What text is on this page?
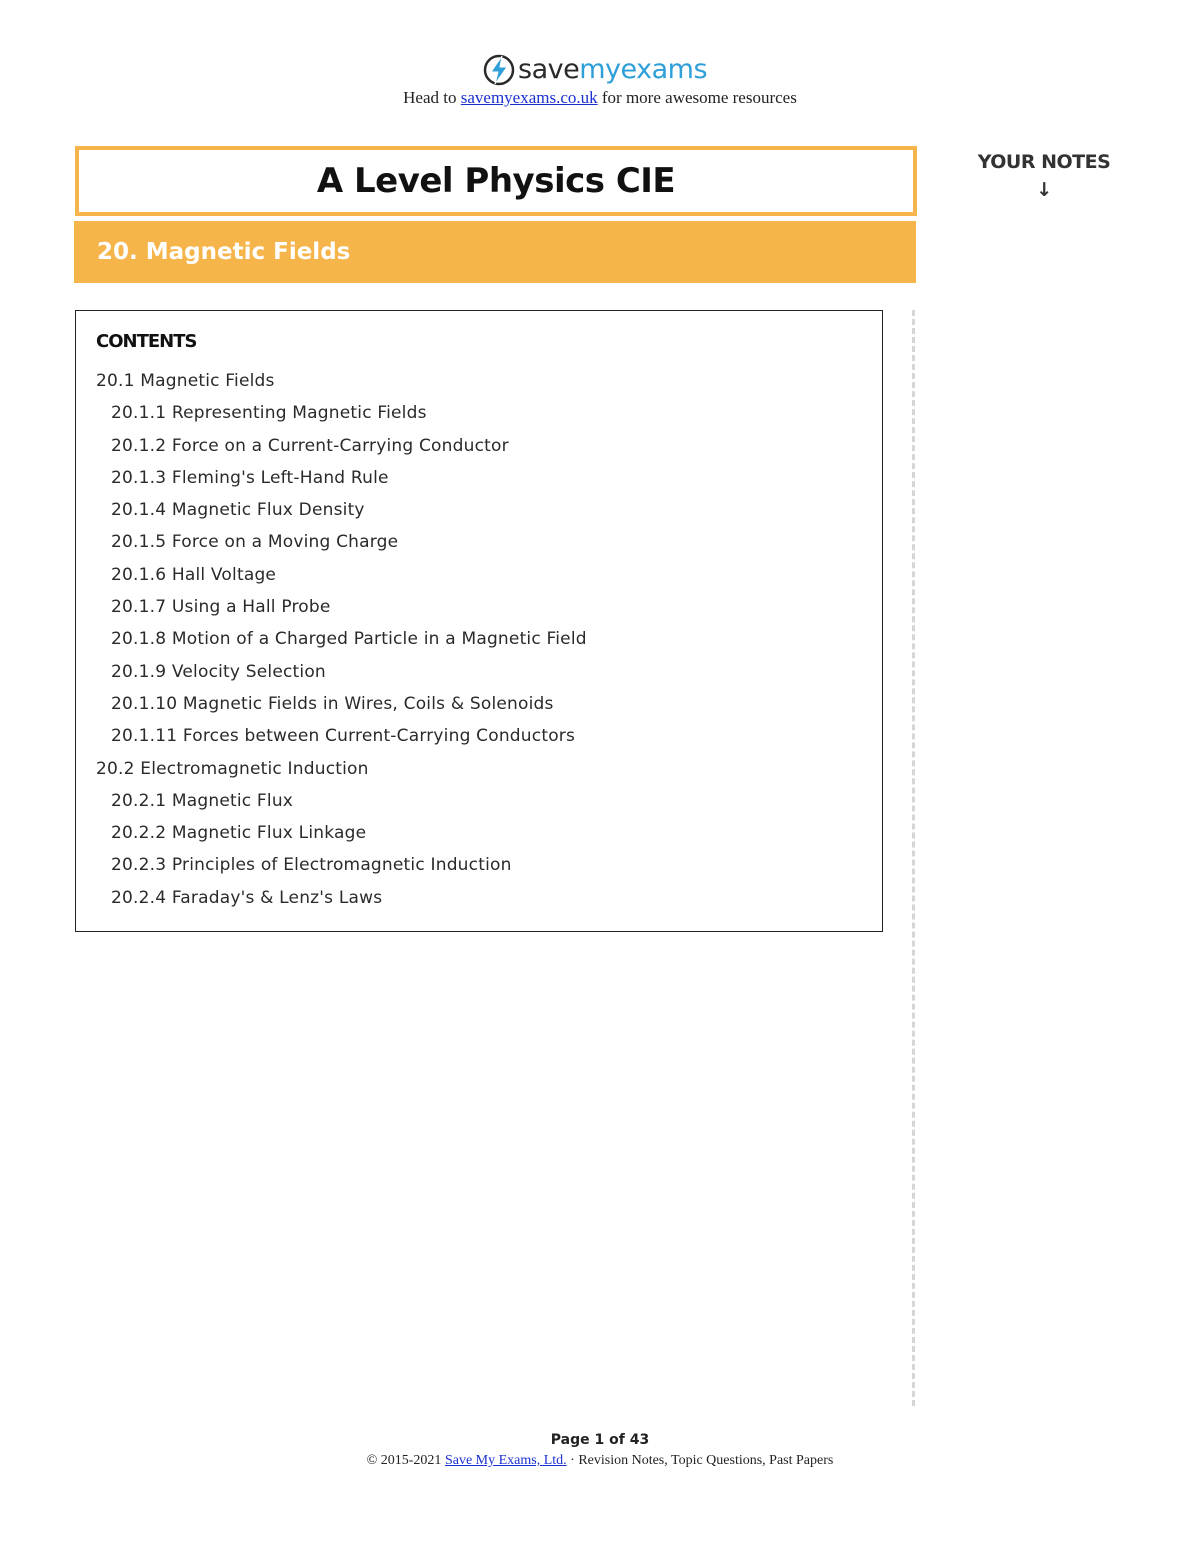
savemyexams
Head to savemyexams.co.uk for more awesome resources
A Level Physics CIE
20. Magnetic Fields
YOUR NOTES
↓
CONTENTS
20.1 Magnetic Fields
20.1.1 Representing Magnetic Fields
20.1.2 Force on a Current-Carrying Conductor
20.1.3 Fleming's Left-Hand Rule
20.1.4 Magnetic Flux Density
20.1.5 Force on a Moving Charge
20.1.6 Hall Voltage
20.1.7 Using a Hall Probe
20.1.8 Motion of a Charged Particle in a Magnetic Field
20.1.9 Velocity Selection
20.1.10 Magnetic Fields in Wires, Coils & Solenoids
20.1.11 Forces between Current-Carrying Conductors
20.2 Electromagnetic Induction
20.2.1 Magnetic Flux
20.2.2 Magnetic Flux Linkage
20.2.3 Principles of Electromagnetic Induction
20.2.4 Faraday's & Lenz's Laws
Page 1 of 43
© 2015-2021 Save My Exams, Ltd. · Revision Notes, Topic Questions, Past Papers
